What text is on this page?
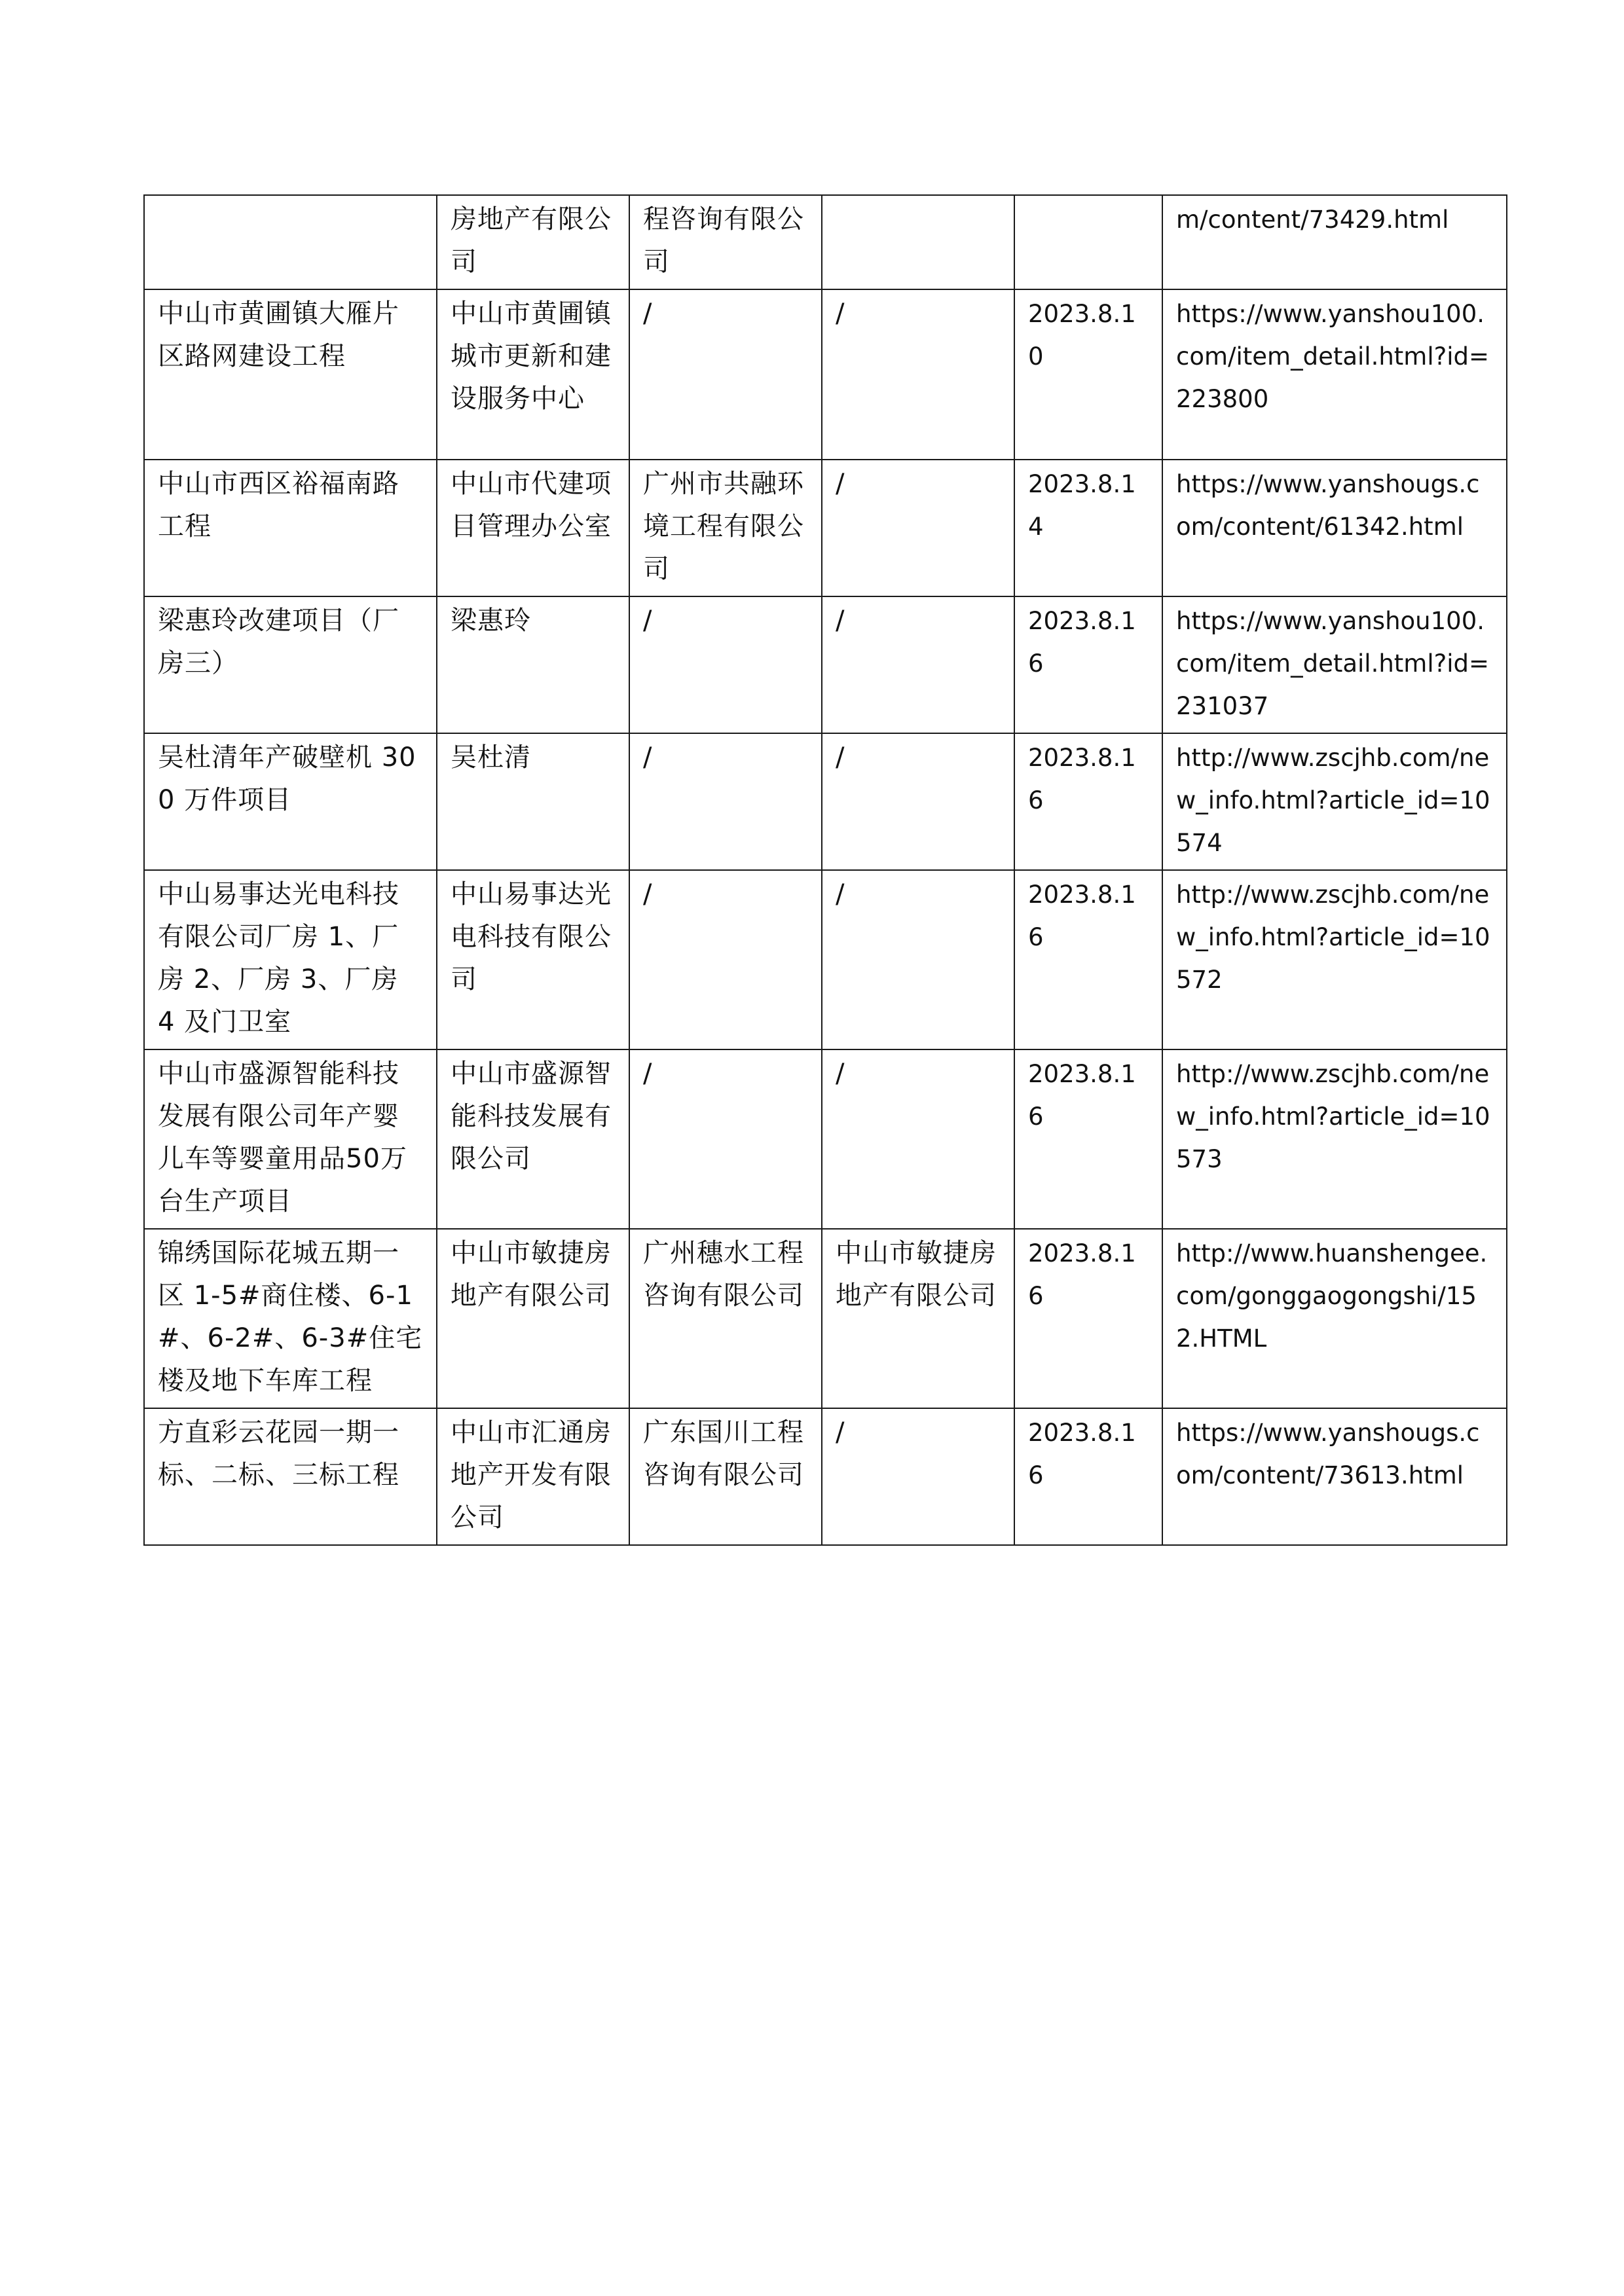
	房地产有限公司	程咨询有限公司			m/content/73429.html
中山市黄圃镇大雁片区路网建设工程	中山市黄圃镇城市更新和建设服务中心	/	/	2023.8.10	https://www.yanshou100.com/item_detail.html?id=223800
中山市西区裕福南路工程	中山市代建项目管理办公室	广州市共融环境工程有限公司	/	2023.8.14	https://www.yanshougs.com/content/61342.html
梁惠玲改建项目（厂房三）	梁惠玲	/	/	2023.8.16	https://www.yanshou100.com/item_detail.html?id=231037
吴杜清年产破壁机 300 万件项目	吴杜清	/	/	2023.8.16	http://www.zscjhb.com/new_info.html?article_id=10574
中山易事达光电科技有限公司厂房 1、厂房 2、厂房 3、厂房 4 及门卫室	中山易事达光电科技有限公司	/	/	2023.8.16	http://www.zscjhb.com/new_info.html?article_id=10572
中山市盛源智能科技发展有限公司年产婴儿车等婴童用品50万台生产项目	中山市盛源智能科技发展有限公司	/	/	2023.8.16	http://www.zscjhb.com/new_info.html?article_id=10573
锦绣国际花城五期一区 1-5#商住楼、6-1#、6-2#、6-3#住宅楼及地下车库工程	中山市敏捷房地产有限公司	广州穗水工程咨询有限公司	中山市敏捷房地产有限公司	2023.8.16	http://www.huanshengee.com/gonggaogongshi/152.HTML
方直彩云花园一期一标、二标、三标工程	中山市汇通房地产开发有限公司	广东国川工程咨询有限公司	/	2023.8.16	https://www.yanshougs.com/content/73613.html
